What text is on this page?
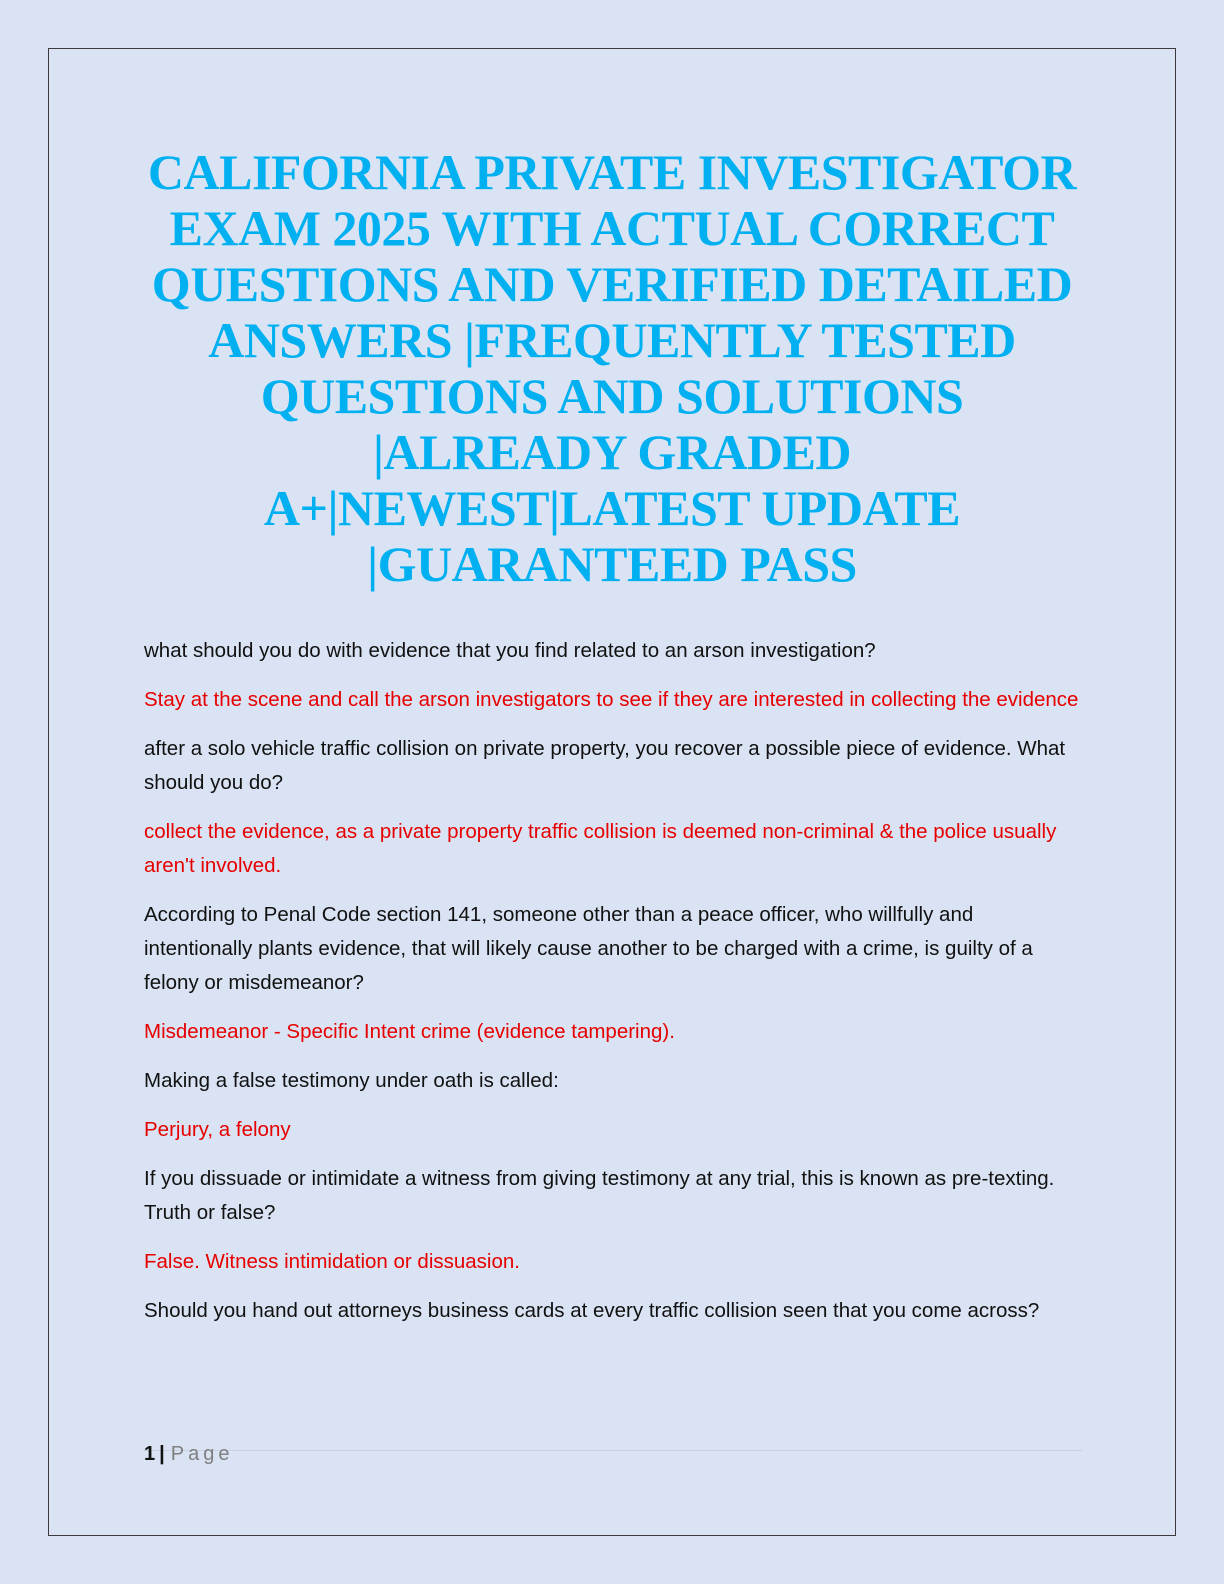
CALIFORNIA PRIVATE INVESTIGATOR EXAM 2025 WITH ACTUAL CORRECT QUESTIONS AND VERIFIED DETAILED ANSWERS |FREQUENTLY TESTED QUESTIONS AND SOLUTIONS |ALREADY GRADED A+|NEWEST|LATEST UPDATE |GUARANTEED PASS

what should you do with evidence that you find related to an arson investigation?

Stay at the scene and call the arson investigators to see if they are interested in collecting the evidence

after a solo vehicle traffic collision on private property, you recover a possible piece of evidence. What should you do?

collect the evidence, as a private property traffic collision is deemed non-criminal & the police usually aren't involved.

According to Penal Code section 141, someone other than a peace officer, who willfully and intentionally plants evidence, that will likely cause another to be charged with a crime, is guilty of a felony or misdemeanor?

Misdemeanor - Specific Intent crime (evidence tampering).

Making a false testimony under oath is called:

Perjury, a felony

If you dissuade or intimidate a witness from giving testimony at any trial, this is known as pre-texting. Truth or false?

False. Witness intimidation or dissuasion.

Should you hand out attorneys business cards at every traffic collision seen that you come across?

1 | Page
